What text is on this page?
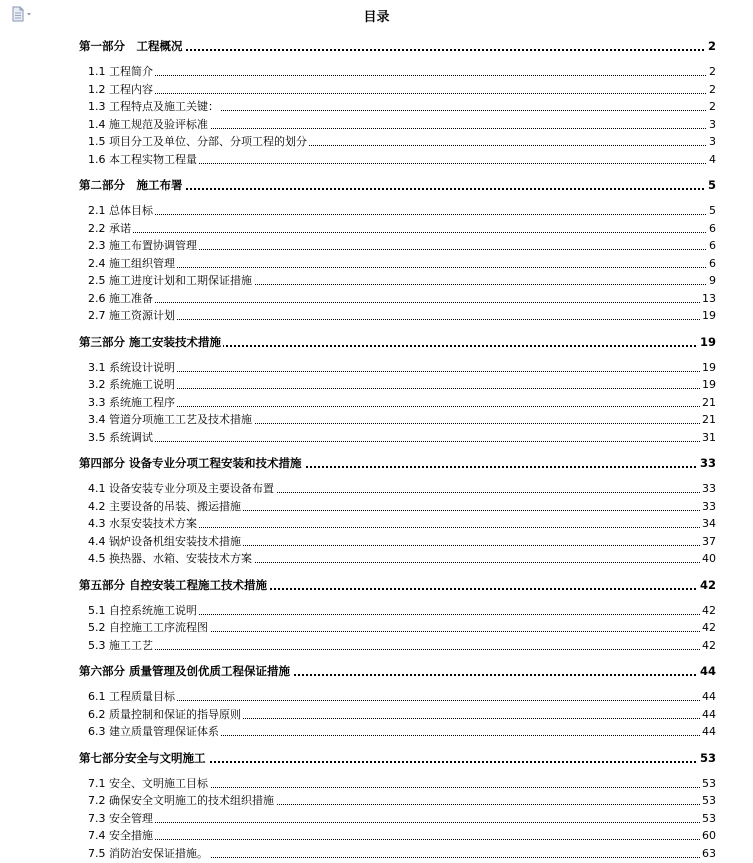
目录
第一部分　工程概况	2
1.1 工程简介	2
1.2 工程内容	2
1.3 工程特点及施工关键：	2
1.4 施工规范及验评标准	3
1.5 项目分工及单位、分部、分项工程的划分	3
1.6 本工程实物工程量	4
第二部分　施工布署	5
2.1 总体目标	5
2.2 承诺	6
2.3 施工布置协调管理	6
2.4 施工组织管理	6
2.5 施工进度计划和工期保证措施	9
2.6 施工准备	13
2.7 施工资源计划	19
第三部分 施工安装技术措施	19
3.1 系统设计说明	19
3.2 系统施工说明	19
3.3 系统施工程序	21
3.4 管道分项施工工艺及技术措施	21
3.5 系统调试	31
第四部分 设备专业分项工程安装和技术措施	33
4.1 设备安装专业分项及主要设备布置	33
4.2 主要设备的吊装、搬运措施	33
4.3 水泵安装技术方案	34
4.4 锅炉设备机组安装技术措施	37
4.5 换热器、水箱、安装技术方案	40
第五部分 自控安装工程施工技术措施	42
5.1 自控系统施工说明	42
5.2 自控施工工序流程图	42
5.3 施工工艺	42
第六部分 质量管理及创优质工程保证措施	44
6.1 工程质量目标	44
6.2 质量控制和保证的指导原则	44
6.3 建立质量管理保证体系	44
第七部分安全与文明施工	53
7.1 安全、文明施工目标	53
7.2 确保安全文明施工的技术组织措施	53
7.3 安全管理	53
7.4 安全措施	60
7.5 消防治安保证措施。	63
